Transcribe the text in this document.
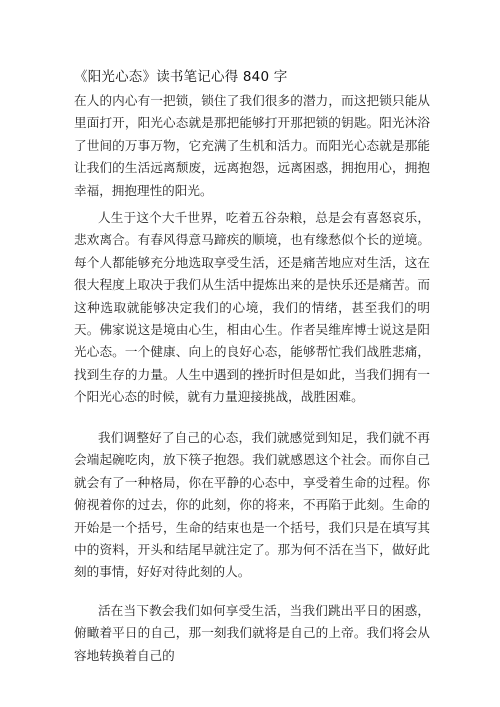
《阳光心态》读书笔记心得 840 字

在人的内心有一把锁，锁住了我们很多的潜力，而这把锁只能从里面打开，阳光心态就是那把能够打开那把锁的钥匙。阳光沐浴了世间的万事万物，它充满了生机和活力。而阳光心态就是那能让我们的生活远离颓废，远离抱怨，远离困惑，拥抱用心，拥抱幸福，拥抱理性的阳光。

人生于这个大千世界，吃着五谷杂粮，总是会有喜怒哀乐，悲欢离合。有春风得意马蹄疾的顺境，也有缘愁似个长的逆境。每个人都能够充分地选取享受生活，还是痛苦地应对生活，这在很大程度上取决于我们从生活中提炼出来的是快乐还是痛苦。而这种选取就能够决定我们的心境，我们的情绪，甚至我们的明天。佛家说这是境由心生，相由心生。作者吴维库博士说这是阳光心态。一个健康、向上的良好心态，能够帮忙我们战胜悲痛，找到生存的力量。人生中遇到的挫折时但是如此，当我们拥有一个阳光心态的时候，就有力量迎接挑战，战胜困难。

我们调整好了自己的心态，我们就感觉到知足，我们就不再会端起碗吃肉，放下筷子抱怨。我们就感恩这个社会。而你自己就会有了一种格局，你在平静的心态中，享受着生命的过程。你俯视着你的过去，你的此刻，你的将来，不再陷于此刻。生命的开始是一个括号，生命的结束也是一个括号，我们只是在填写其中的资料，开头和结尾早就注定了。那为何不活在当下，做好此刻的事情，好好对待此刻的人。

活在当下教会我们如何享受生活，当我们跳出平日的困惑，俯瞰着平日的自己，那一刻我们就将是自己的上帝。我们将会从容地转换着自己的
